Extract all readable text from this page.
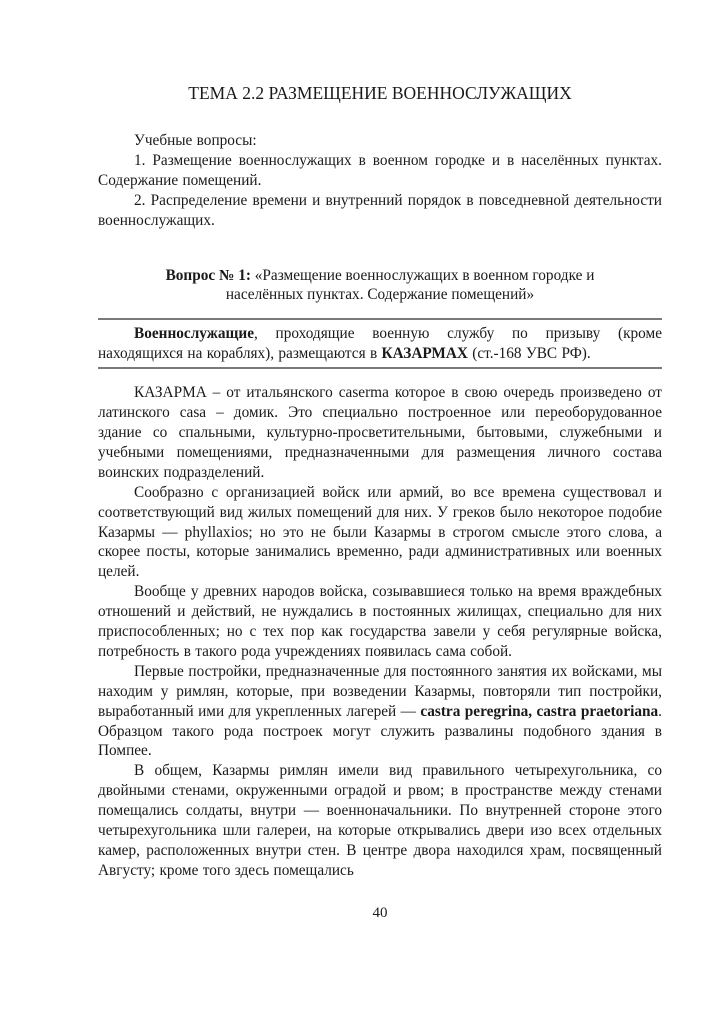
ТЕМА 2.2 РАЗМЕЩЕНИЕ ВОЕННОСЛУЖАЩИХ

Учебные вопросы:

1. Размещение военнослужащих в военном городке и в населённых пунктах. Содержание помещений.

2. Распределение времени и внутренний порядок в повседневной деятельности военнослужащих.

Вопрос № 1: «Размещение военнослужащих в военном городке и населённых пунктах. Содержание помещений»

Военнослужащие, проходящие военную службу по призыву (кроме находящихся на кораблях), размещаются в КАЗАРМАХ (ст.-168 УВС РФ).

КАЗАРМА – от итальянского caserma которое в свою очередь произведено от латинского casa – домик. Это специально построенное или переоборудованное здание со спальными, культурно-просветительными, бытовыми, служебными и учебными помещениями, предназначенными для размещения личного состава воинских подразделений.

Сообразно с организацией войск или армий, во все времена существовал и соответствующий вид жилых помещений для них. У греков было некоторое подобие Казармы — phyllaxios; но это не были Казармы в строгом смысле этого слова, а скорее посты, которые занимались временно, ради административных или военных целей.

Вообще у древних народов войска, созывавшиеся только на время враждебных отношений и действий, не нуждались в постоянных жилищах, специально для них приспособленных; но с тех пор как государства завели у себя регулярные войска, потребность в такого рода учреждениях появилась сама собой.

Первые постройки, предназначенные для постоянного занятия их войсками, мы находим у римлян, которые, при возведении Казармы, повторяли тип постройки, выработанный ими для укрепленных лагерей — castra peregrina, castra praetoriana. Образцом такого рода построек могут служить развалины подобного здания в Помпее.

В общем, Казармы римлян имели вид правильного четырехугольника, со двойными стенами, окруженными оградой и рвом; в пространстве между стенами помещались солдаты, внутри — военноначальники. По внутренней стороне этого четырехугольника шли галереи, на которые открывались двери изо всех отдельных камер, расположенных внутри стен. В центре двора находился храм, посвященный Августу; кроме того здесь помещались

40
